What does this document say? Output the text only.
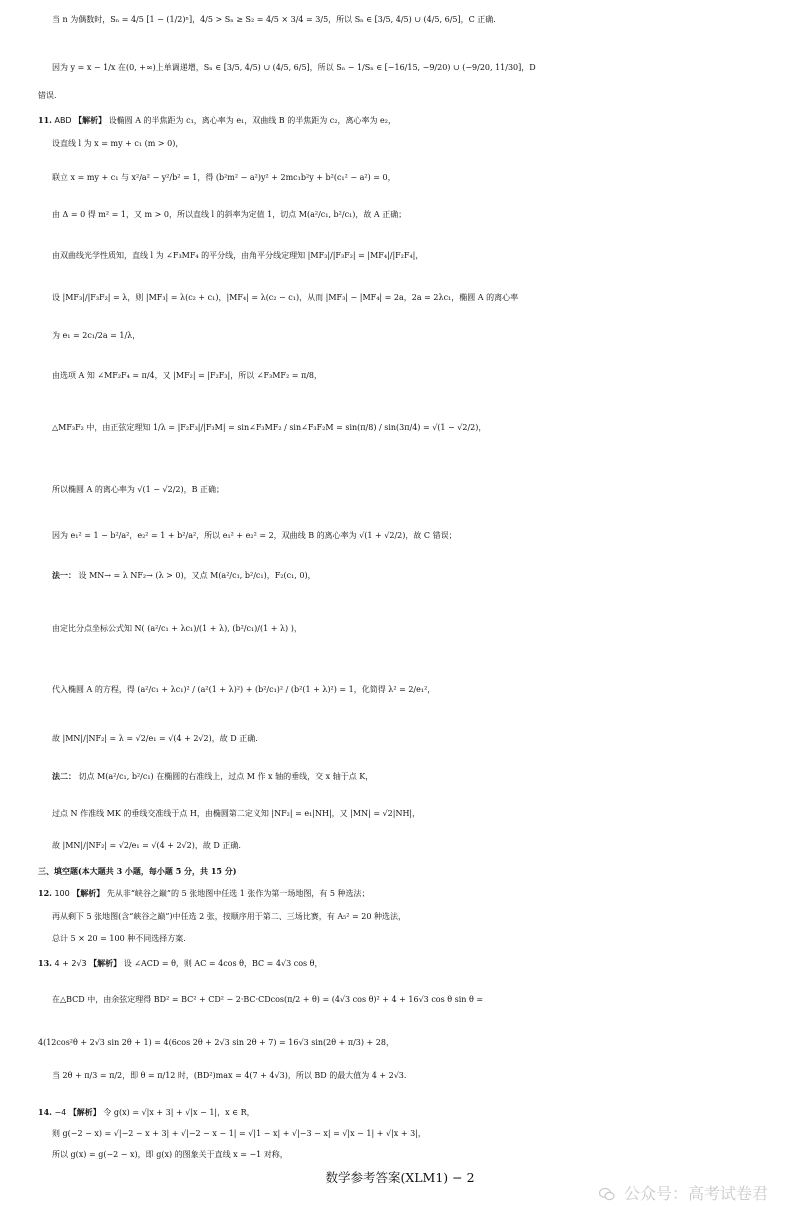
当 n 为偶数时，Sₙ = 4/5 [1 − (1/2)ⁿ]，4/5 > Sₙ ≥ S₂ = 4/5 × 3/4 = 3/5，所以 Sₙ ∈ [3/5, 4/5) ∪ (4/5, 6/5]，C 正确.
因为 y = x − 1/x 在(0, +∞)上单调递增，Sₙ ∈ [3/5, 4/5) ∪ (4/5, 6/5]，所以 Sₙ − 1/Sₙ ∈ [−16/15, −9/20) ∪ (−9/20, 11/30]，D
错误.
11. ABD 【解析】 设椭圆 A 的半焦距为 c₁，离心率为 e₁，双曲线 B 的半焦距为 c₂，离心率为 e₂，
设直线 l 为 x = my + c₁ (m > 0)，
联立 x = my + c₁ 与 x²/a² − y²/b² = 1，得 (b²m² − a²)y² + 2mc₁b²y + b²(c₁² − a²) = 0，
由 Δ = 0 得 m² = 1，又 m > 0，所以直线 l 的斜率为定值 1，切点 M(a²/c₁, b²/c₁)，故 A 正确；
由双曲线光学性质知，直线 l 为 ∠F₃MF₄ 的平分线，由角平分线定理知 |MF₃|/|F₃F₂| = |MF₄|/|F₂F₄|，
设 |MF₃|/|F₃F₂| = λ，则 |MF₃| = λ(c₂ + c₁)，|MF₄| = λ(c₂ − c₁)，从而 |MF₃| − |MF₄| = 2a，2a = 2λc₁，椭圆 A 的离心率
为 e₁ = 2c₁/2a = 1/λ，
由选项 A 知 ∠MF₂F₄ = π/4，又 |MF₂| = |F₂F₃|，所以 ∠F₃MF₂ = π/8，
△MF₃F₂ 中，由正弦定理知 1/λ = |F₂F₃|/|F₃M| = sin∠F₃MF₂ / sin∠F₃F₂M = sin(π/8) / sin(3π/4) = √(1 − √2/2)，
所以椭圆 A 的离心率为 √(1 − √2/2)，B 正确；
因为 e₁² = 1 − b²/a²，e₂² = 1 + b²/a²，所以 e₁² + e₂² = 2，双曲线 B 的离心率为 √(1 + √2/2)，故 C 错误；
法一： 设 MN→ = λ NF₂→ (λ > 0)，又点 M(a²/c₁, b²/c₁)，F₂(c₁, 0)，
由定比分点坐标公式知 N( (a²/c₁ + λc₁)/(1 + λ), (b²/c₁)/(1 + λ) )，
代入椭圆 A 的方程，得 (a²/c₁ + λc₁)² / (a²(1 + λ)²) + (b²/c₁)² / (b²(1 + λ)²) = 1，化简得 λ² = 2/e₁²，
故 |MN|/|NF₂| = λ = √2/e₁ = √(4 + 2√2)，故 D 正确.
法二： 切点 M(a²/c₁, b²/c₁) 在椭圆的右准线上，过点 M 作 x 轴的垂线，交 x 轴于点 K，
过点 N 作准线 MK 的垂线交准线于点 H，由椭圆第二定义知 |NF₂| = e₁|NH|，又 |MN| = √2|NH|，
故 |MN|/|NF₂| = √2/e₁ = √(4 + 2√2)，故 D 正确.
三、填空题(本大题共 3 小题，每小题 5 分，共 15 分)
12. 100 【解析】 先从非“峡谷之巅”的 5 张地图中任选 1 张作为第一场地图，有 5 种选法；
再从剩下 5 张地图(含“峡谷之巅”)中任选 2 张，按顺序用于第二、三场比赛，有 A₅² = 20 种选法，
总计 5 × 20 = 100 种不同选择方案.
13. 4 + 2√3 【解析】 设 ∠ACD = θ，则 AC = 4cos θ，BC = 4√3 cos θ，
在△BCD 中，由余弦定理得 BD² = BC² + CD² − 2·BC·CDcos(π/2 + θ) = (4√3 cos θ)² + 4 + 16√3 cos θ sin θ =
4(12cos²θ + 2√3 sin 2θ + 1) = 4(6cos 2θ + 2√3 sin 2θ + 7) = 16√3 sin(2θ + π/3) + 28，
当 2θ + π/3 = π/2，即 θ = π/12 时，(BD²)max = 4(7 + 4√3)，所以 BD 的最大值为 4 + 2√3.
14. −4 【解析】 令 g(x) = √|x + 3| + √|x − 1|，x ∈ R，
则 g(−2 − x) = √|−2 − x + 3| + √|−2 − x − 1| = √|1 − x| + √|−3 − x| = √|x − 1| + √|x + 3|，
所以 g(x) = g(−2 − x)，即 g(x) 的图象关于直线 x = −1 对称，
数学参考答案(XLM1) − 2
公众号：高考试卷君
